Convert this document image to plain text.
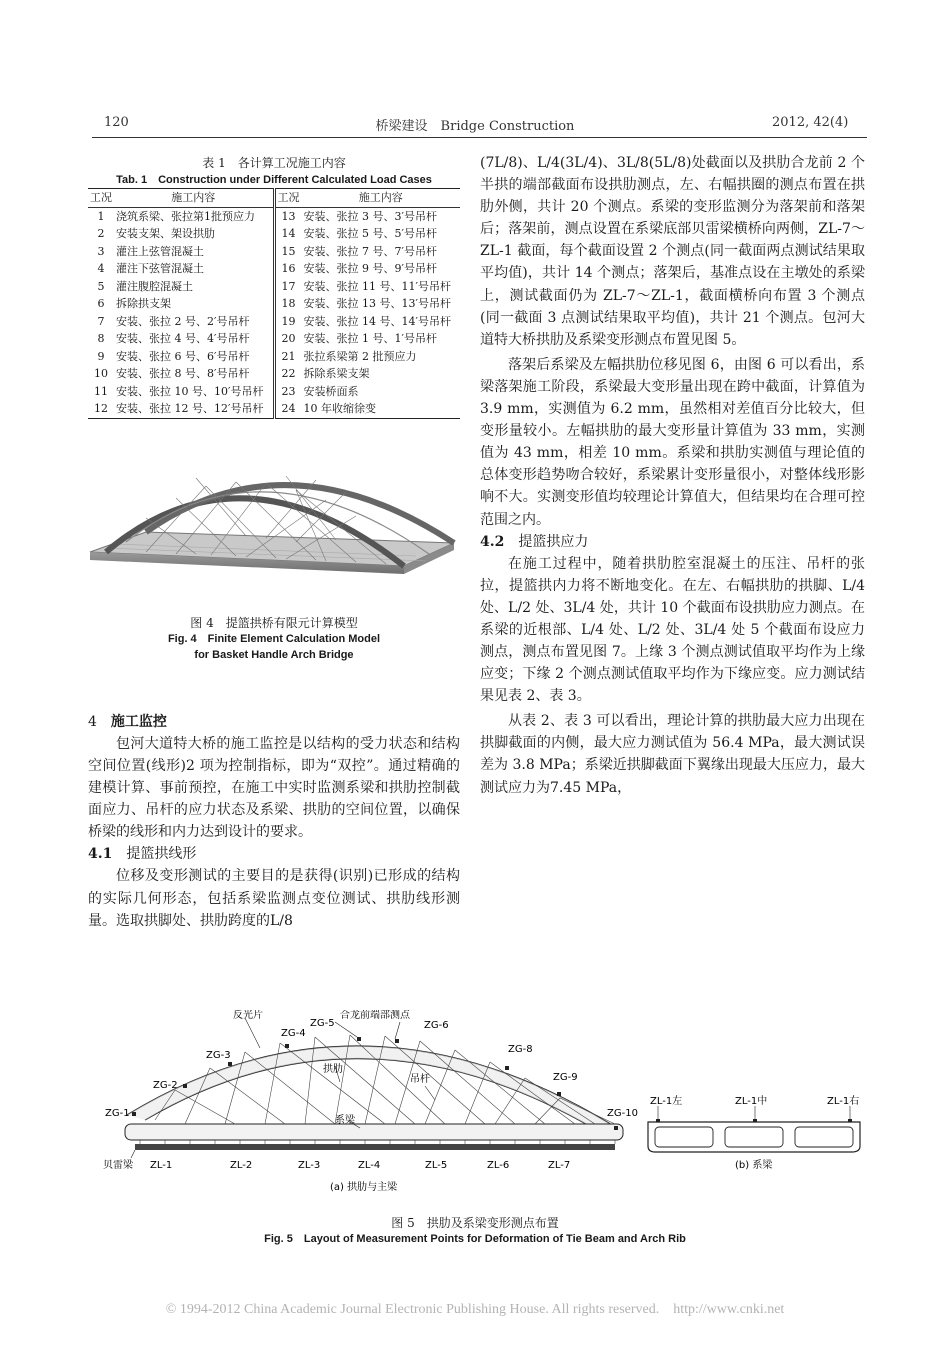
120	桥梁建设　Bridge Construction	2012, 42(4)
表 1　各计算工况施工内容
Tab. 1　Construction under Different Calculated Load Cases
工况	施工内容	工况	施工内容
1	浇筑系梁、张拉第1批预应力	13	安装、张拉 3 号、3′号吊杆
2	安装支架、架设拱肋	14	安装、张拉 5 号、5′号吊杆
3	灌注上弦管混凝土	15	安装、张拉 7 号、7′号吊杆
4	灌注下弦管混凝土	16	安装、张拉 9 号、9′号吊杆
5	灌注腹腔混凝土	17	安装、张拉 11 号、11′号吊杆
6	拆除拱支架	18	安装、张拉 13 号、13′号吊杆
7	安装、张拉 2 号、2′号吊杆	19	安装、张拉 14 号、14′号吊杆
8	安装、张拉 4 号、4′号吊杆	20	安装、张拉 1 号、1′号吊杆
9	安装、张拉 6 号、6′号吊杆	21	张拉系梁第 2 批预应力
10	安装、张拉 8 号、8′号吊杆	22	拆除系梁支架
11	安装、张拉 10 号、10′号吊杆	23	安装桥面系
12	安装、张拉 12 号、12′号吊杆	24	10 年收缩徐变
图 4　提篮拱桥有限元计算模型
Fig. 4　Finite Element Calculation Model
for Basket Handle Arch Bridge

4　 施工监控

包河大道特大桥的施工监控是以结构的受力状态和结构空间位置(线形)2 项为控制指标，即为“双控”。通过精确的建模计算、事前预控，在施工中实时监测系梁和拱肋控制截面应力、吊杆的应力状态及系梁、拱肋的空间位置，以确保桥梁的线形和内力达到设计的要求。

4.1　 提篮拱线形

位移及变形测试的主要目的是获得(识别)已形成的结构的实际几何形态，包括系梁监测点变位测试、拱肋线形测量。选取拱脚处、拱肋跨度的L/8

(7L/8)、L/4(3L/4)、3L/8(5L/8)处截面以及拱肋合龙前 2 个半拱的端部截面布设拱肋测点，左、右幅拱圈的测点布置在拱肋外侧，共计 20 个测点。系梁的变形监测分为落架前和落架后；落架前，测点设置在系梁底部贝雷梁横桥向两侧，ZL-7～ZL-1 截面，每个截面设置 2 个测点(同一截面两点测试结果取平均值)，共计 14 个测点；落架后，基准点设在主墩处的系梁上，测试截面仍为 ZL-7～ZL-1，截面横桥向布置 3 个测点(同一截面 3 点测试结果取平均值)，共计 21 个测点。包河大道特大桥拱肋及系梁变形测点布置见图 5。

落架后系梁及左幅拱肋位移见图 6，由图 6 可以看出，系梁落架施工阶段，系梁最大变形量出现在跨中截面，计算值为 3.9 mm，实测值为 6.2 mm，虽然相对差值百分比较大，但变形量较小。左幅拱肋的最大变形量计算值为 33 mm，实测值为 43 mm，相差 10 mm。系梁和拱肋实测值与理论值的总体变形趋势吻合较好，系梁累计变形量很小，对整体线形影响不大。实测变形值均较理论计算值大，但结果均在合理可控范围之内。

4.2　 提篮拱应力

在施工过程中，随着拱肋腔室混凝土的压注、吊杆的张拉，提篮拱内力将不断地变化。在左、右幅拱肋的拱脚、L/4 处、L/2 处、3L/4 处，共计 10 个截面布设拱肋应力测点。在系梁的近根部、L/4 处、L/2 处、3L/4 处 5 个截面布设应力测点，测点布置见图 7。上缘 3 个测点测试值取平均作为上缘应变；下缘 2 个测点测试值取平均作为下缘应变。应力测试结果见表 2、表 3。

从表 2、表 3 可以看出，理论计算的拱肋最大应力出现在拱脚截面的内侧，最大应力测试值为 56.4 MPa，最大测试误差为 3.8 MPa；系梁近拱脚截面下翼缘出现最大压应力，最大测试应力为7.45 MPa，

ZG-1
ZG-2
ZG-3
反光片
ZG-4
ZG-5
合龙前端部测点
ZG-6
ZG-8
ZG-9
ZG-10
拱肋
吊杆
系梁
贝雷梁 ZL-1	ZL-2	ZL-3	ZL-4	ZL-5	ZL-6	ZL-7
(a) 拱肋与主梁
ZL-1左	ZL-1中	ZL-1右
(b) 系梁
图 5　拱肋及系梁变形测点布置
Fig. 5　Layout of Measurement Points for Deformation of Tie Beam and Arch Rib
© 1994-2012 China Academic Journal Electronic Publishing House. All rights reserved.　http://www.cnki.net
